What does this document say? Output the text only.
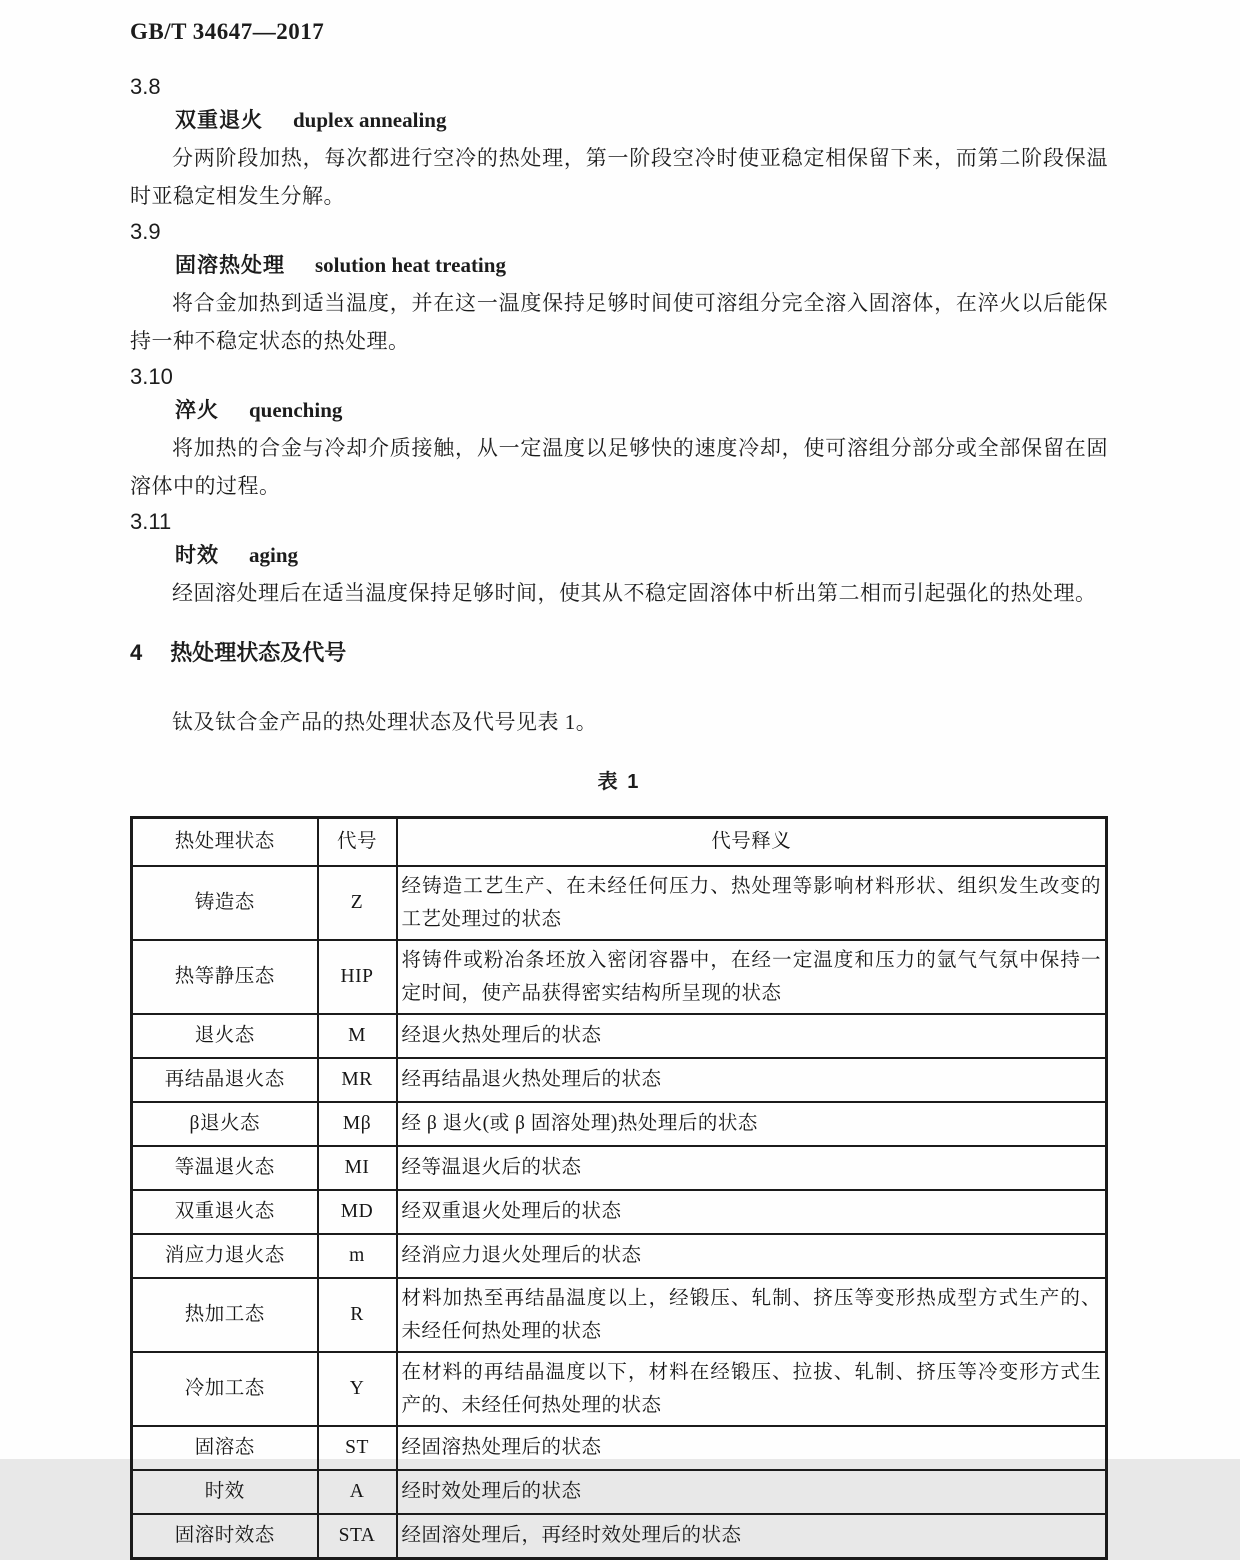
GB/T 34647—2017
3.8
双重退火 duplex annealing

分两阶段加热，每次都进行空冷的热处理，第一阶段空冷时使亚稳定相保留下来，而第二阶段保温时亚稳定相发生分解。

3.9
固溶热处理 solution heat treating

将合金加热到适当温度，并在这一温度保持足够时间使可溶组分完全溶入固溶体，在淬火以后能保持一种不稳定状态的热处理。

3.10
淬火 quenching

将加热的合金与冷却介质接触，从一定温度以足够快的速度冷却，使可溶组分部分或全部保留在固溶体中的过程。

3.11
时效 aging

经固溶处理后在适当温度保持足够时间，使其从不稳定固溶体中析出第二相而引起强化的热处理。

4 热处理状态及代号

钛及钛合金产品的热处理状态及代号见表 1。

表 1
热处理状态	代号	代号释义
铸造态	Z	经铸造工艺生产、在未经任何压力、热处理等影响材料形状、组织发生改变的工艺处理过的状态
热等静压态	HIP	将铸件或粉冶条坯放入密闭容器中，在经一定温度和压力的氩气气氛中保持一定时间，使产品获得密实结构所呈现的状态
退火态	M	经退火热处理后的状态
再结晶退火态	MR	经再结晶退火热处理后的状态
β退火态	Mβ	经 β 退火(或 β 固溶处理)热处理后的状态
等温退火态	MI	经等温退火后的状态
双重退火态	MD	经双重退火处理后的状态
消应力退火态	m	经消应力退火处理后的状态
热加工态	R	材料加热至再结晶温度以上，经锻压、轧制、挤压等变形热成型方式生产的、未经任何热处理的状态
冷加工态	Y	在材料的再结晶温度以下，材料在经锻压、拉拔、轧制、挤压等冷变形方式生产的、未经任何热处理的状态
固溶态	ST	经固溶热处理后的状态
时效	A	经时效处理后的状态
固溶时效态	STA	经固溶处理后，再经时效处理后的状态
